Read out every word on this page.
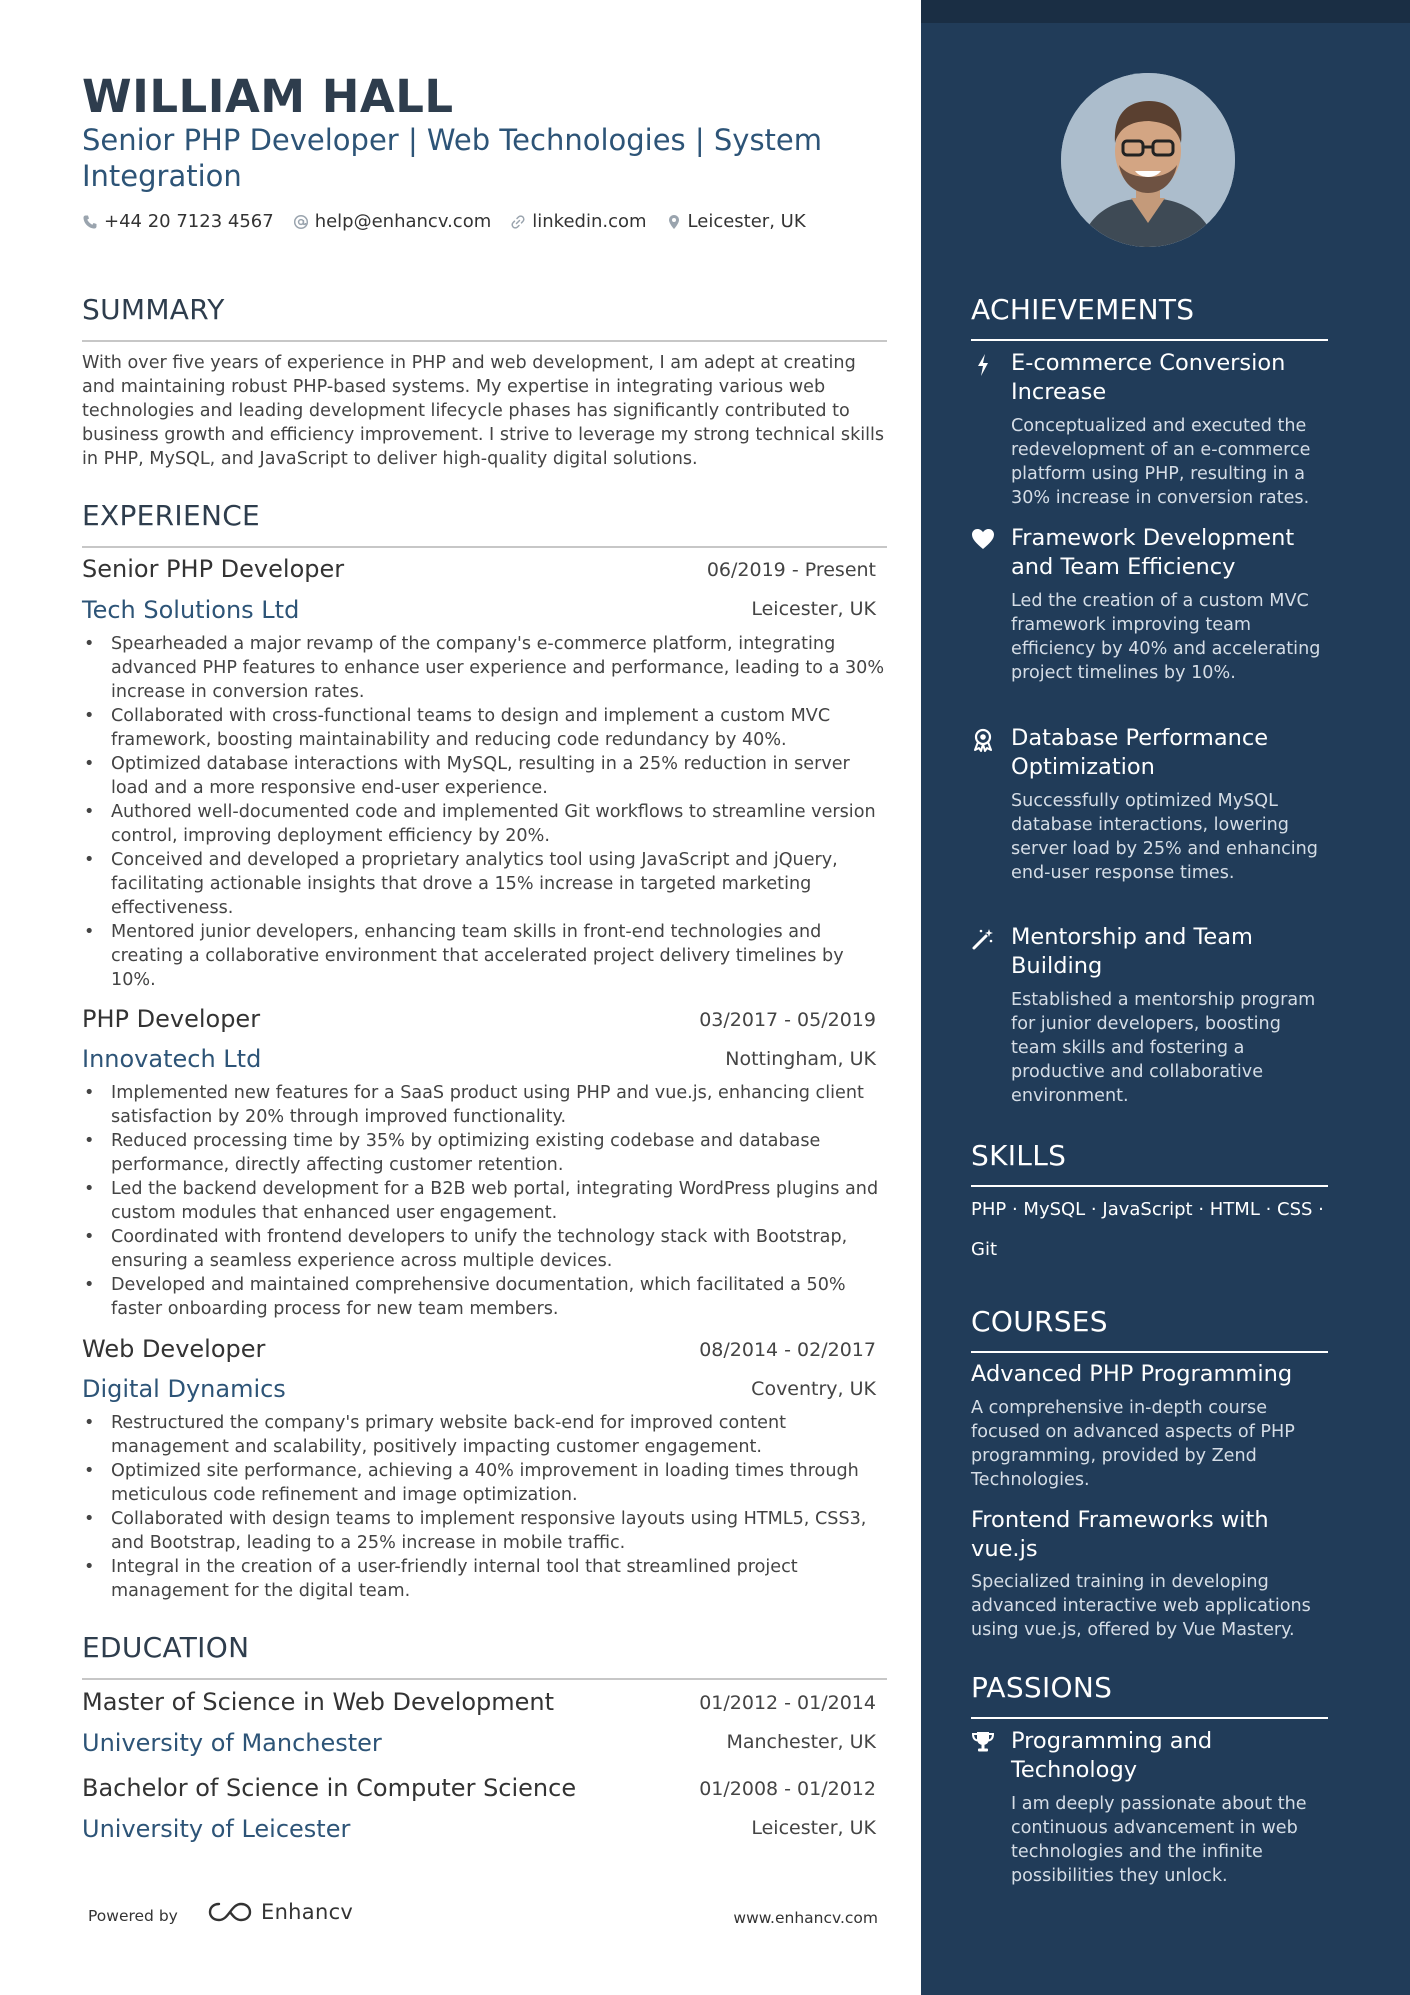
WILLIAM HALL
Senior PHP Developer | Web Technologies | System Integration
+44 20 7123 4567 help@enhancv.com linkedin.com Leicester, UK
SUMMARY
With over five years of experience in PHP and web development, I am adept at creating and maintaining robust PHP-based systems. My expertise in integrating various web technologies and leading development lifecycle phases has significantly contributed to business growth and efficiency improvement. I strive to leverage my strong technical skills in PHP, MySQL, and JavaScript to deliver high-quality digital solutions.
EXPERIENCE
Senior PHP Developer	06/2019 - Present
Tech Solutions Ltd	Leicester, UK
• Spearheaded a major revamp of the company's e-commerce platform, integrating advanced PHP features to enhance user experience and performance, leading to a 30% increase in conversion rates.
• Collaborated with cross-functional teams to design and implement a custom MVC framework, boosting maintainability and reducing code redundancy by 40%.
• Optimized database interactions with MySQL, resulting in a 25% reduction in server load and a more responsive end-user experience.
• Authored well-documented code and implemented Git workflows to streamline version control, improving deployment efficiency by 20%.
• Conceived and developed a proprietary analytics tool using JavaScript and jQuery, facilitating actionable insights that drove a 15% increase in targeted marketing effectiveness.
• Mentored junior developers, enhancing team skills in front-end technologies and creating a collaborative environment that accelerated project delivery timelines by 10%.
PHP Developer	03/2017 - 05/2019
Innovatech Ltd	Nottingham, UK
• Implemented new features for a SaaS product using PHP and vue.js, enhancing client satisfaction by 20% through improved functionality.
• Reduced processing time by 35% by optimizing existing codebase and database performance, directly affecting customer retention.
• Led the backend development for a B2B web portal, integrating WordPress plugins and custom modules that enhanced user engagement.
• Coordinated with frontend developers to unify the technology stack with Bootstrap, ensuring a seamless experience across multiple devices.
• Developed and maintained comprehensive documentation, which facilitated a 50% faster onboarding process for new team members.
Web Developer	08/2014 - 02/2017
Digital Dynamics	Coventry, UK
• Restructured the company's primary website back-end for improved content management and scalability, positively impacting customer engagement.
• Optimized site performance, achieving a 40% improvement in loading times through meticulous code refinement and image optimization.
• Collaborated with design teams to implement responsive layouts using HTML5, CSS3, and Bootstrap, leading to a 25% increase in mobile traffic.
• Integral in the creation of a user-friendly internal tool that streamlined project management for the digital team.
EDUCATION
Master of Science in Web Development	01/2012 - 01/2014
University of Manchester	Manchester, UK
Bachelor of Science in Computer Science	01/2008 - 01/2012
University of Leicester	Leicester, UK
Powered by	Enhancv	www.enhancv.com
ACHIEVEMENTS
E-commerce Conversion Increase
Conceptualized and executed the redevelopment of an e-commerce platform using PHP, resulting in a 30% increase in conversion rates.
Framework Development and Team Efficiency
Led the creation of a custom MVC framework improving team efficiency by 40% and accelerating project timelines by 10%.
Database Performance Optimization
Successfully optimized MySQL database interactions, lowering server load by 25% and enhancing end-user response times.
Mentorship and Team Building
Established a mentorship program for junior developers, boosting team skills and fostering a productive and collaborative environment.
SKILLS
PHP · MySQL · JavaScript · HTML · CSS · Git
COURSES
Advanced PHP Programming
A comprehensive in-depth course focused on advanced aspects of PHP programming, provided by Zend Technologies.
Frontend Frameworks with vue.js
Specialized training in developing advanced interactive web applications using vue.js, offered by Vue Mastery.
PASSIONS
Programming and Technology
I am deeply passionate about the continuous advancement in web technologies and the infinite possibilities they unlock.
